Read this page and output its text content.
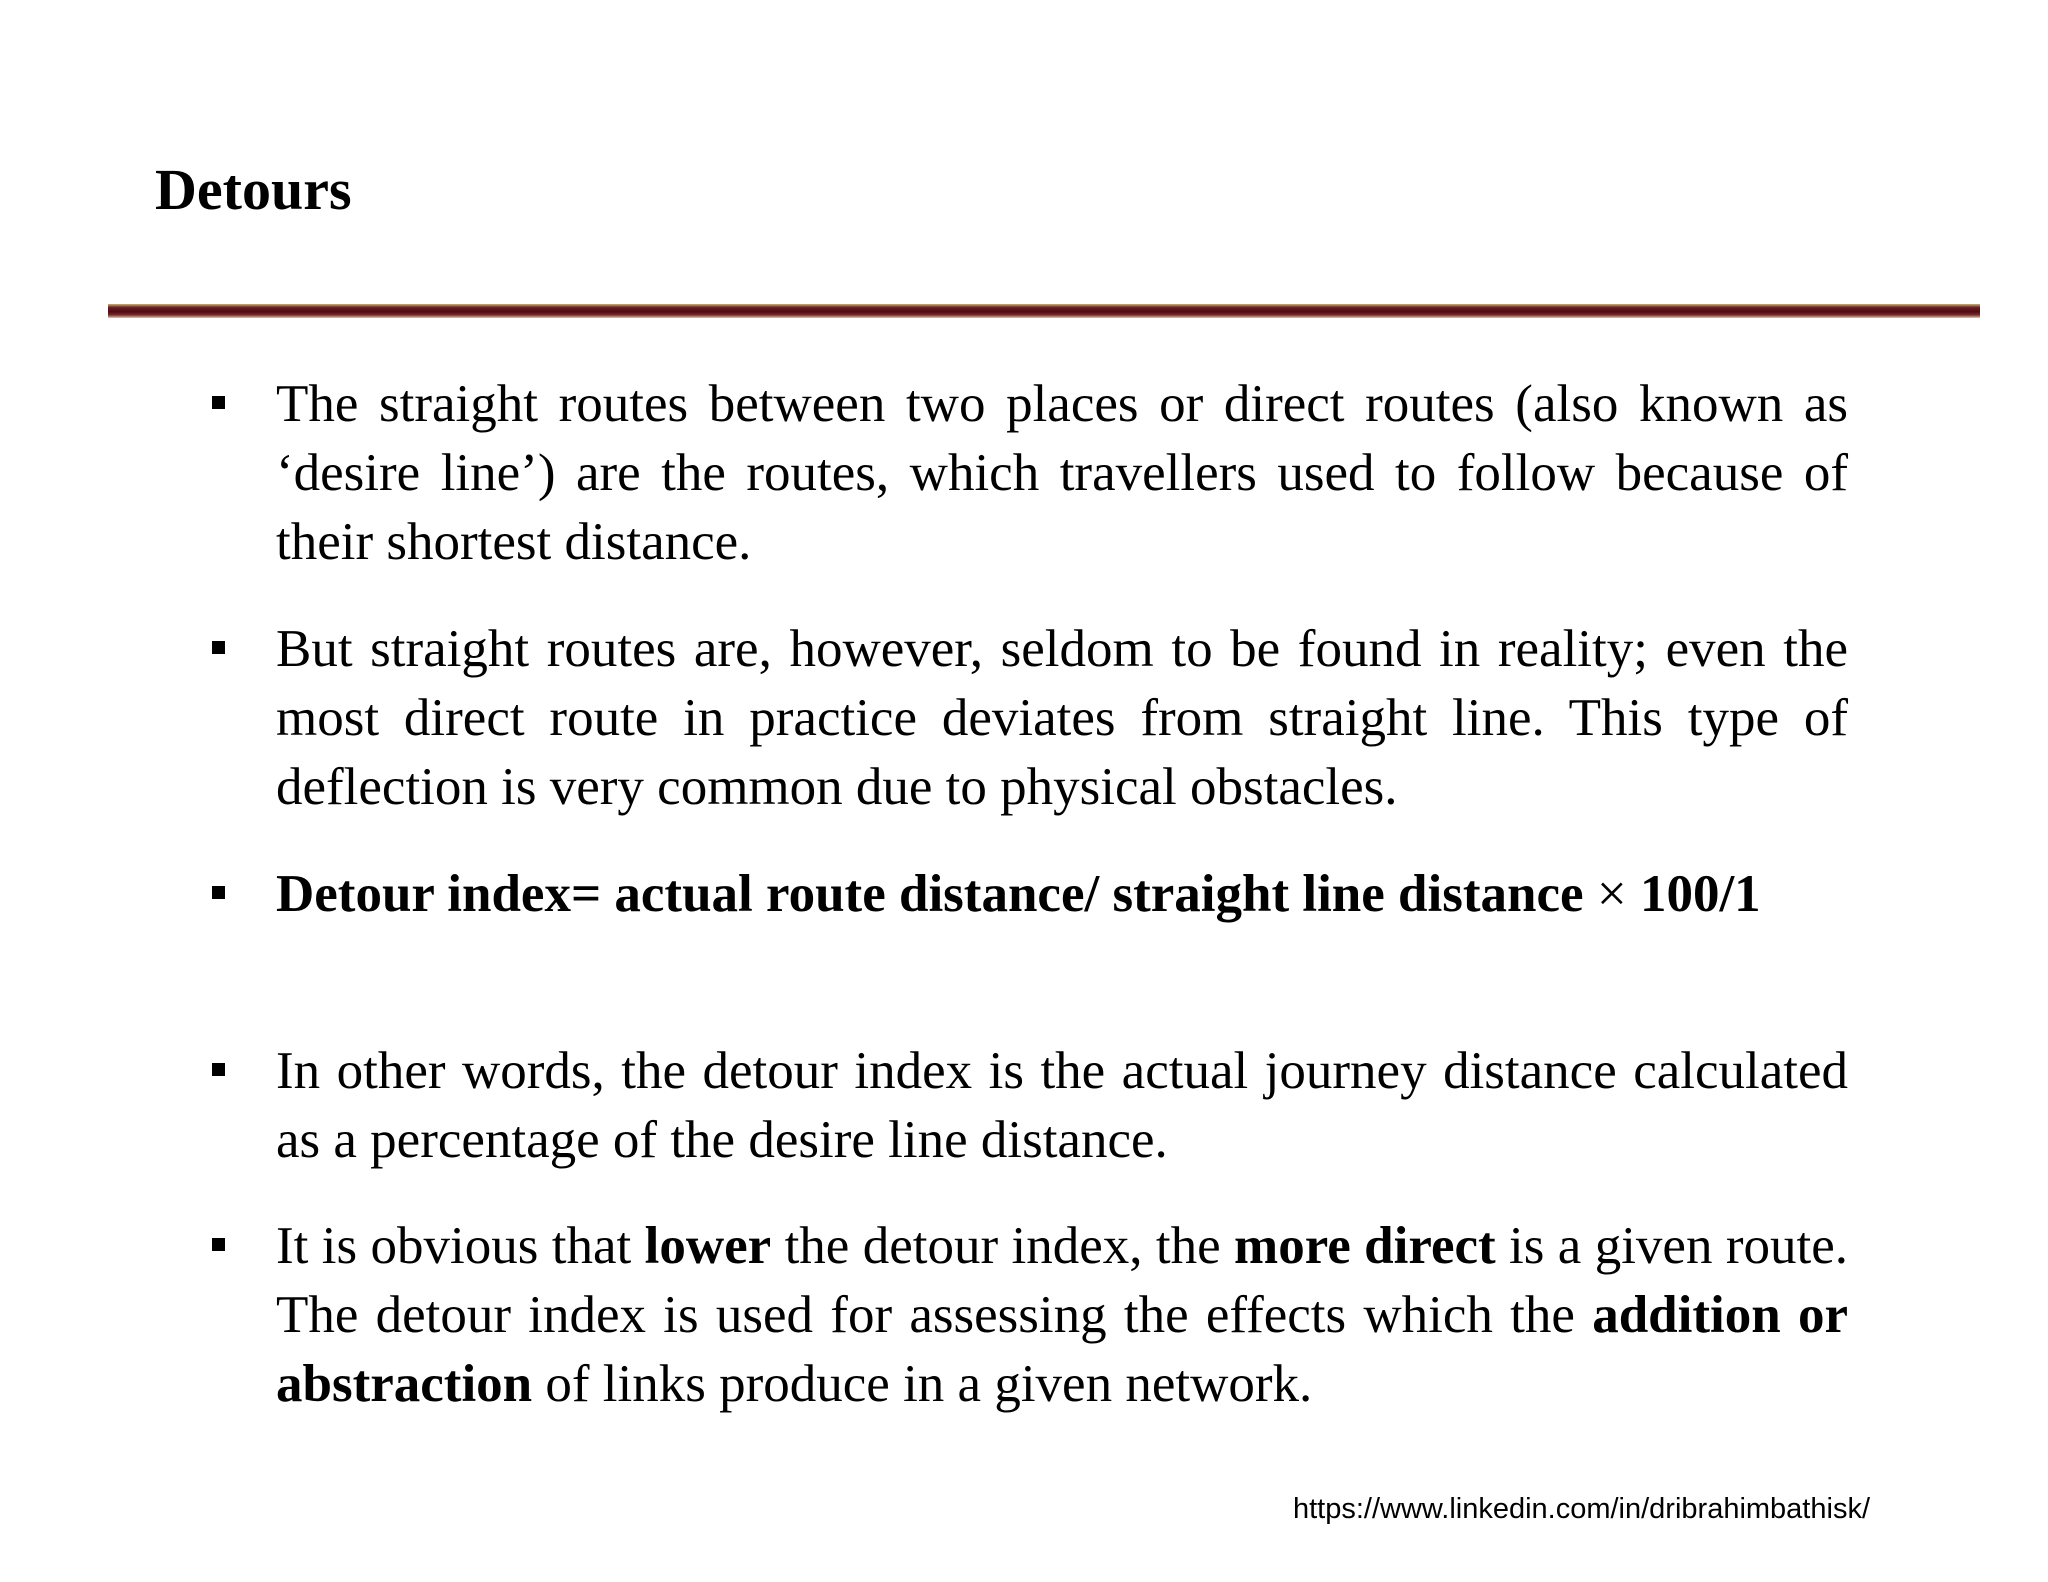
Detours
The straight routes between two places or direct routes (also known as ‘desire line’) are the routes, which travellers used to follow because of their shortest distance.
But straight routes are, however, seldom to be found in reality; even the most direct route in practice deviates from straight line. This type of deflection is very common due to physical obstacles.
Detour index= actual route distance/ straight line distance × 100/1
In other words, the detour index is the actual journey distance calculated as a percentage of the desire line distance.
It is obvious that lower the detour index, the more direct is a given route. The detour index is used for assessing the effects which the addition or abstraction of links produce in a given network.
https://www.linkedin.com/in/dribrahimbathisk/
